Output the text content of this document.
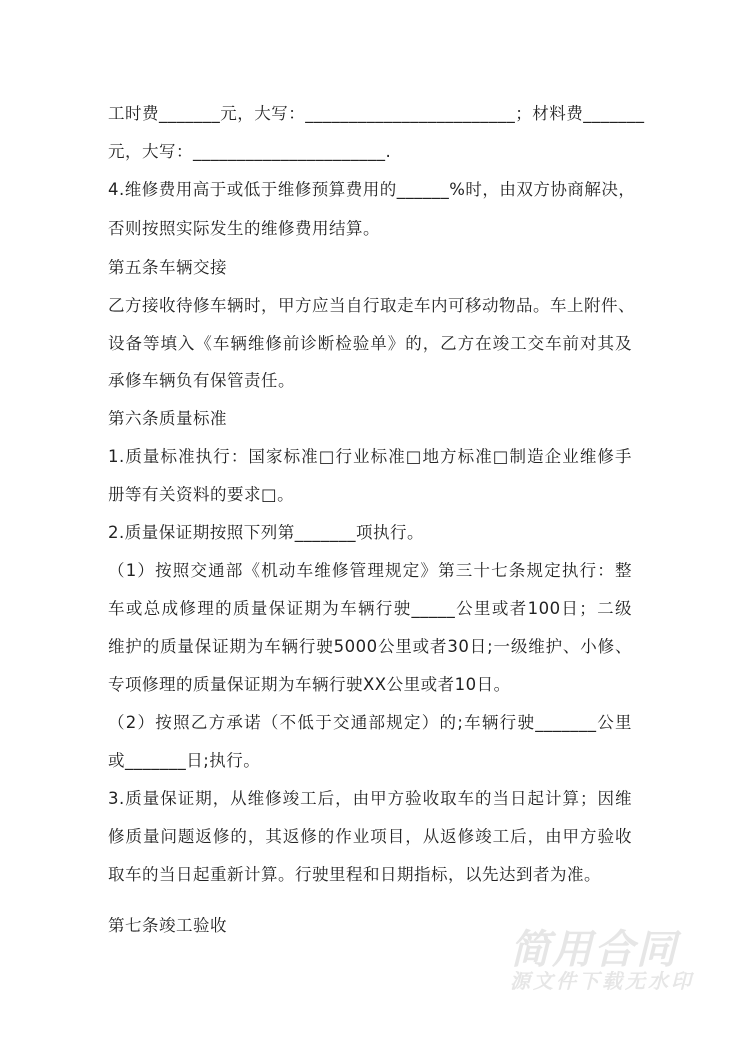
工时费_______元，大写：________________________；材料费_______
元，大写：______________________.
4.维修费用高于或低于维修预算费用的______%时，由双方协商解决，
否则按照实际发生的维修费用结算。
第五条车辆交接
乙方接收待修车辆时，甲方应当自行取走车内可移动物品。车上附件、
设备等填入《车辆维修前诊断检验单》的，乙方在竣工交车前对其及
承修车辆负有保管责任。
第六条质量标准
1.质量标准执行：国家标准□行业标准□地方标准□制造企业维修手
册等有关资料的要求□。
2.质量保证期按照下列第_______项执行。
（1）按照交通部《机动车维修管理规定》第三十七条规定执行：整
车或总成修理的质量保证期为车辆行驶_____公里或者100日；二级
维护的质量保证期为车辆行驶5000公里或者30日;一级维护、小修、
专项修理的质量保证期为车辆行驶XX公里或者10日。
（2）按照乙方承诺（不低于交通部规定）的;车辆行驶_______公里
或_______日;执行。
3.质量保证期，从维修竣工后，由甲方验收取车的当日起计算；因维
修质量问题返修的，其返修的作业项目，从返修竣工后，由甲方验收
取车的当日起重新计算。行驶里程和日期指标，以先达到者为准。
第七条竣工验收
简用合同
源文件下载无水印
